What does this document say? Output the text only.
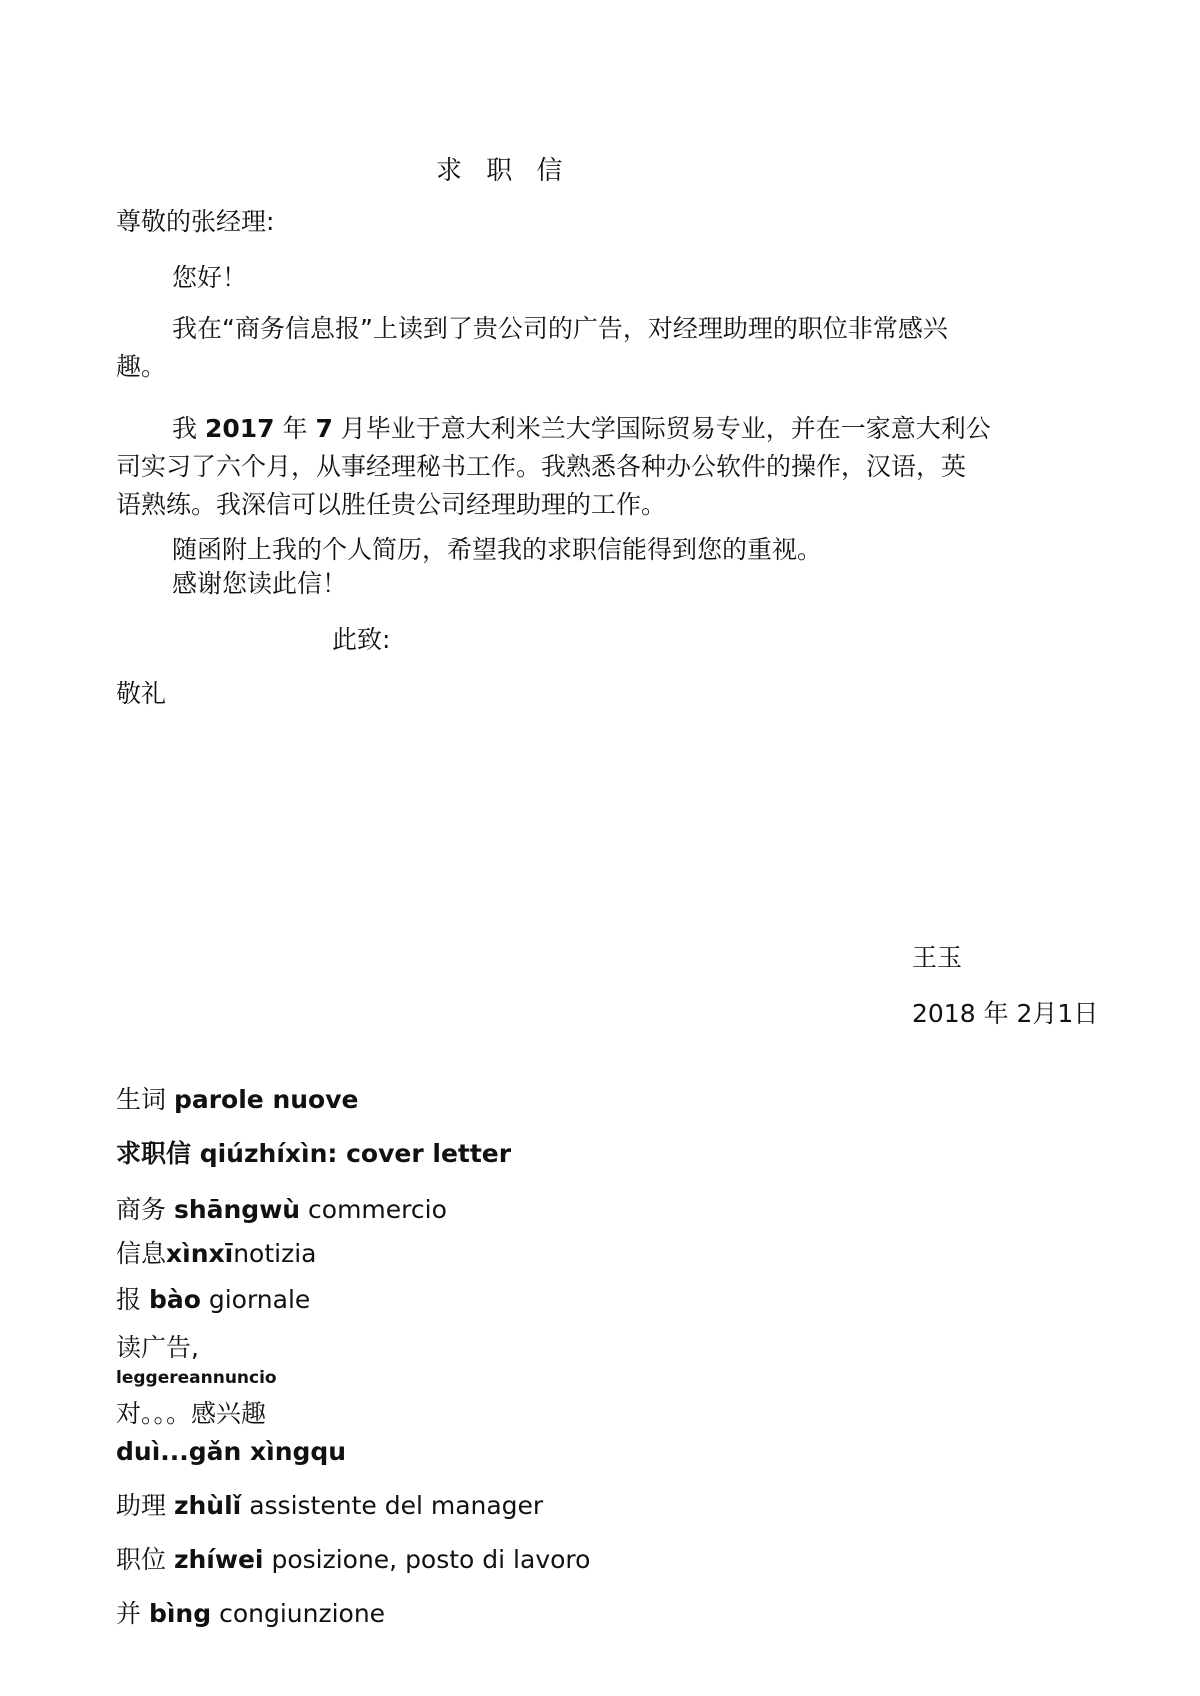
求 职 信
尊敬的张经理:
您好！
我在“商务信息报”上读到了贵公司的广告，对经理助理的职位非常感兴
趣。
我 2017 年 7 月毕业于意大利米兰大学国际贸易专业，并在一家意大利公
司实习了六个月，从事经理秘书工作。我熟悉各种办公软件的操作，汉语，英
语熟练。我深信可以胜任贵公司经理助理的工作。
随函附上我的个人简历，希望我的求职信能得到您的重视。
感谢您读此信！
此致:
敬礼
王玉
2018 年 2月1日
生词 parole nuove
求职信 qiúzhíxìn: cover letter
商务 shāngwù commercio
信息xìnxīnotizia
报 bào giornale
读广告,
leggereannuncio
对。。。感兴趣
duì...gǎn xìngqu
助理 zhùlǐ assistente del manager
职位 zhíwei posizione, posto di lavoro
并 bìng congiunzione
